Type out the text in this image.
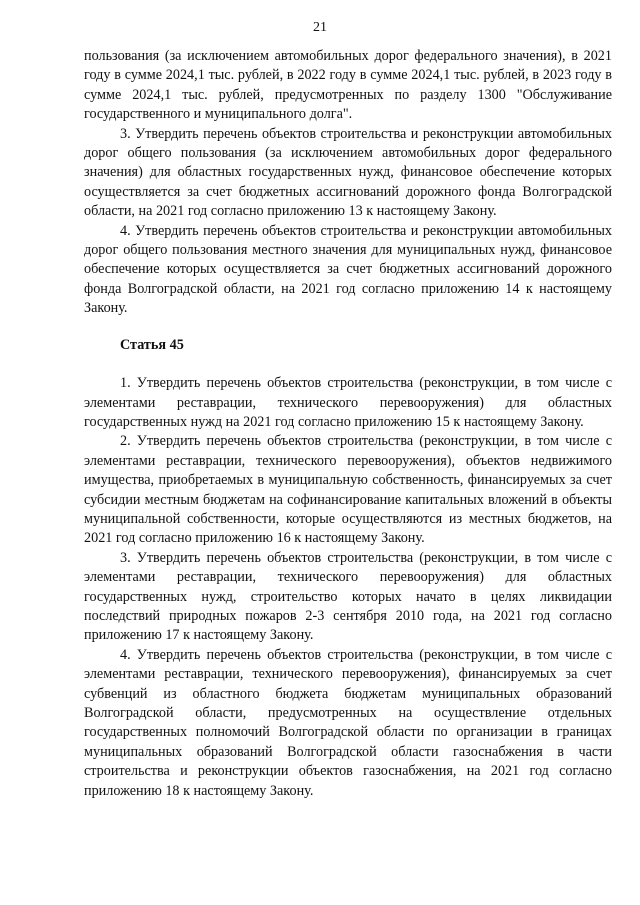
21

пользования (за исключением автомобильных дорог федерального значения), в 2021 году в сумме 2024,1 тыс. рублей, в 2022 году в сумме 2024,1 тыс. рублей, в 2023 году в сумме 2024,1 тыс. рублей, предусмотренных по разделу 1300 "Обслуживание государственного и муниципального долга".

3. Утвердить перечень объектов строительства и реконструкции автомобильных дорог общего пользования (за исключением автомобильных дорог федерального значения) для областных государственных нужд, финансовое обеспечение которых осуществляется за счет бюджетных ассигнований дорожного фонда Волгоградской области, на 2021 год согласно приложению 13 к настоящему Закону.

4. Утвердить перечень объектов строительства и реконструкции автомобильных дорог общего пользования местного значения для муниципальных нужд, финансовое обеспечение которых осуществляется за счет бюджетных ассигнований дорожного фонда Волгоградской области, на 2021 год согласно приложению 14 к настоящему Закону.

Статья 45

1. Утвердить перечень объектов строительства (реконструкции, в том числе с элементами реставрации, технического перевооружения) для областных государственных нужд на 2021 год согласно приложению 15 к настоящему Закону.

2. Утвердить перечень объектов строительства (реконструкции, в том числе с элементами реставрации, технического перевооружения), объектов недвижимого имущества, приобретаемых в муниципальную собственность, финансируемых за счет субсидии местным бюджетам на софинансирование капитальных вложений в объекты муниципальной собственности, которые осуществляются из местных бюджетов, на 2021 год согласно приложению 16 к настоящему Закону.

3. Утвердить перечень объектов строительства (реконструкции, в том числе с элементами реставрации, технического перевооружения) для областных государственных нужд, строительство которых начато в целях ликвидации последствий природных пожаров 2-3 сентября 2010 года, на 2021 год согласно приложению 17 к настоящему Закону.

4. Утвердить перечень объектов строительства (реконструкции, в том числе с элементами реставрации, технического перевооружения), финансируемых за счет субвенций из областного бюджета бюджетам муниципальных образований Волгоградской области, предусмотренных на осуществление отдельных государственных полномочий Волгоградской области по организации в границах муниципальных образований Волгоградской области газоснабжения в части строительства и реконструкции объектов газоснабжения, на 2021 год согласно приложению 18 к настоящему Закону.
